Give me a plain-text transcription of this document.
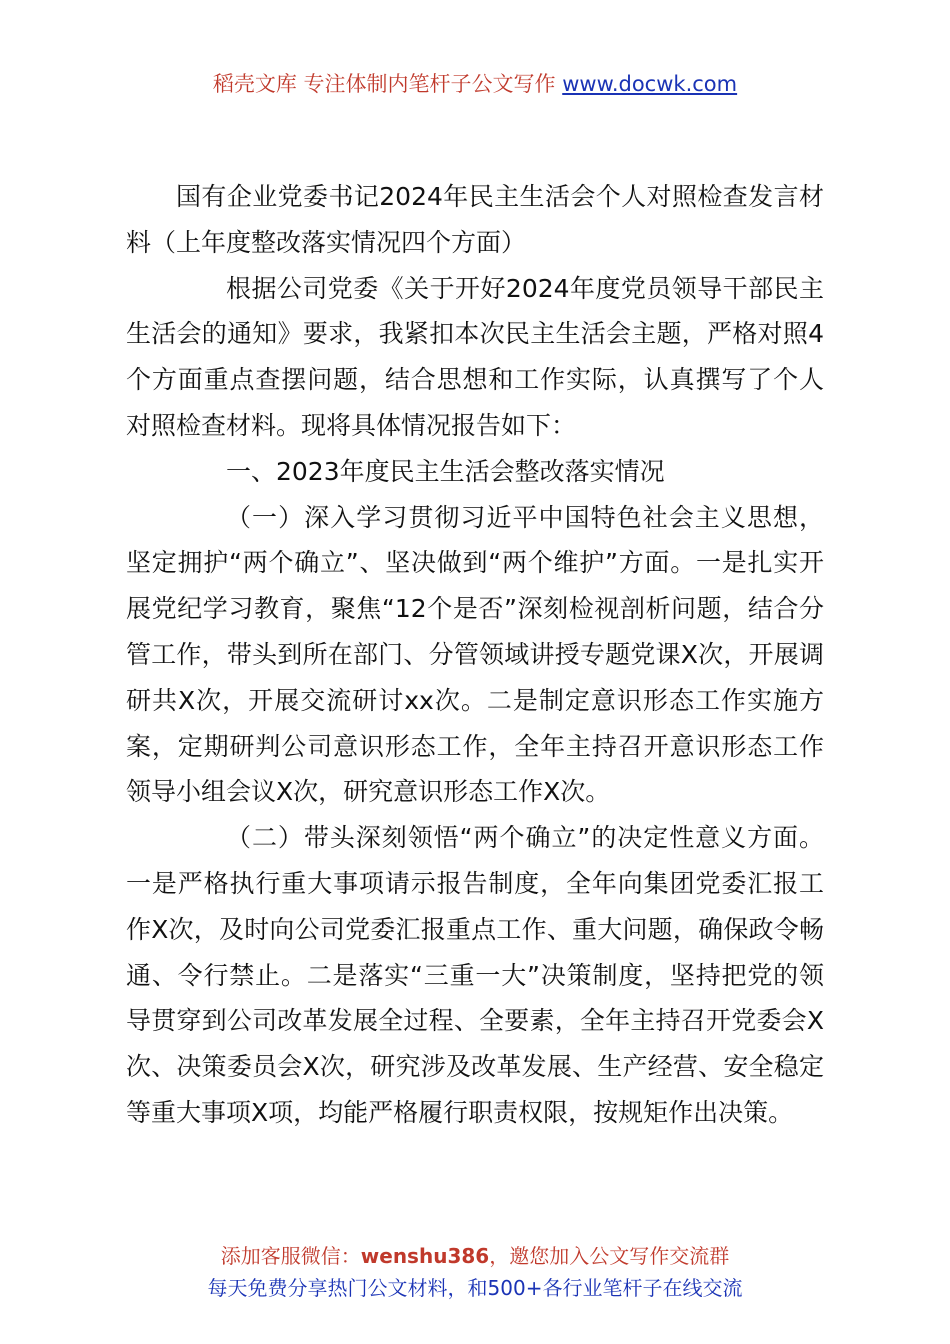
稻壳文库 专注体制内笔杆子公文写作 www.docwk.com

国有企业党委书记2024年民主生活会个人对照检查发言材料（上年度整改落实情况四个方面）

根据公司党委《关于开好2024年度党员领导干部民主生活会的通知》要求，我紧扣本次民主生活会主题，严格对照4个方面重点查摆问题，结合思想和工作实际，认真撰写了个人对照检查材料。现将具体情况报告如下：

一、2023年度民主生活会整改落实情况

（一）深入学习贯彻习近平中国特色社会主义思想，坚定拥护“两个确立”、坚决做到“两个维护”方面。一是扎实开展党纪学习教育，聚焦“12个是否”深刻检视剖析问题，结合分管工作，带头到所在部门、分管领域讲授专题党课X次，开展调研共X次，开展交流研讨xx次。二是制定意识形态工作实施方案，定期研判公司意识形态工作，全年主持召开意识形态工作领导小组会议X次，研究意识形态工作X次。

（二）带头深刻领悟“两个确立”的决定性意义方面。一是严格执行重大事项请示报告制度，全年向集团党委汇报工作X次，及时向公司党委汇报重点工作、重大问题，确保政令畅通、令行禁止。二是落实“三重一大”决策制度，坚持把党的领导贯穿到公司改革发展全过程、全要素，全年主持召开党委会X次、决策委员会X次，研究涉及改革发展、生产经营、安全稳定等重大事项X项，均能严格履行职责权限，按规矩作出决策。

添加客服微信：wenshu386，邀您加入公文写作交流群
每天免费分享热门公文材料，和500+各行业笔杆子在线交流
